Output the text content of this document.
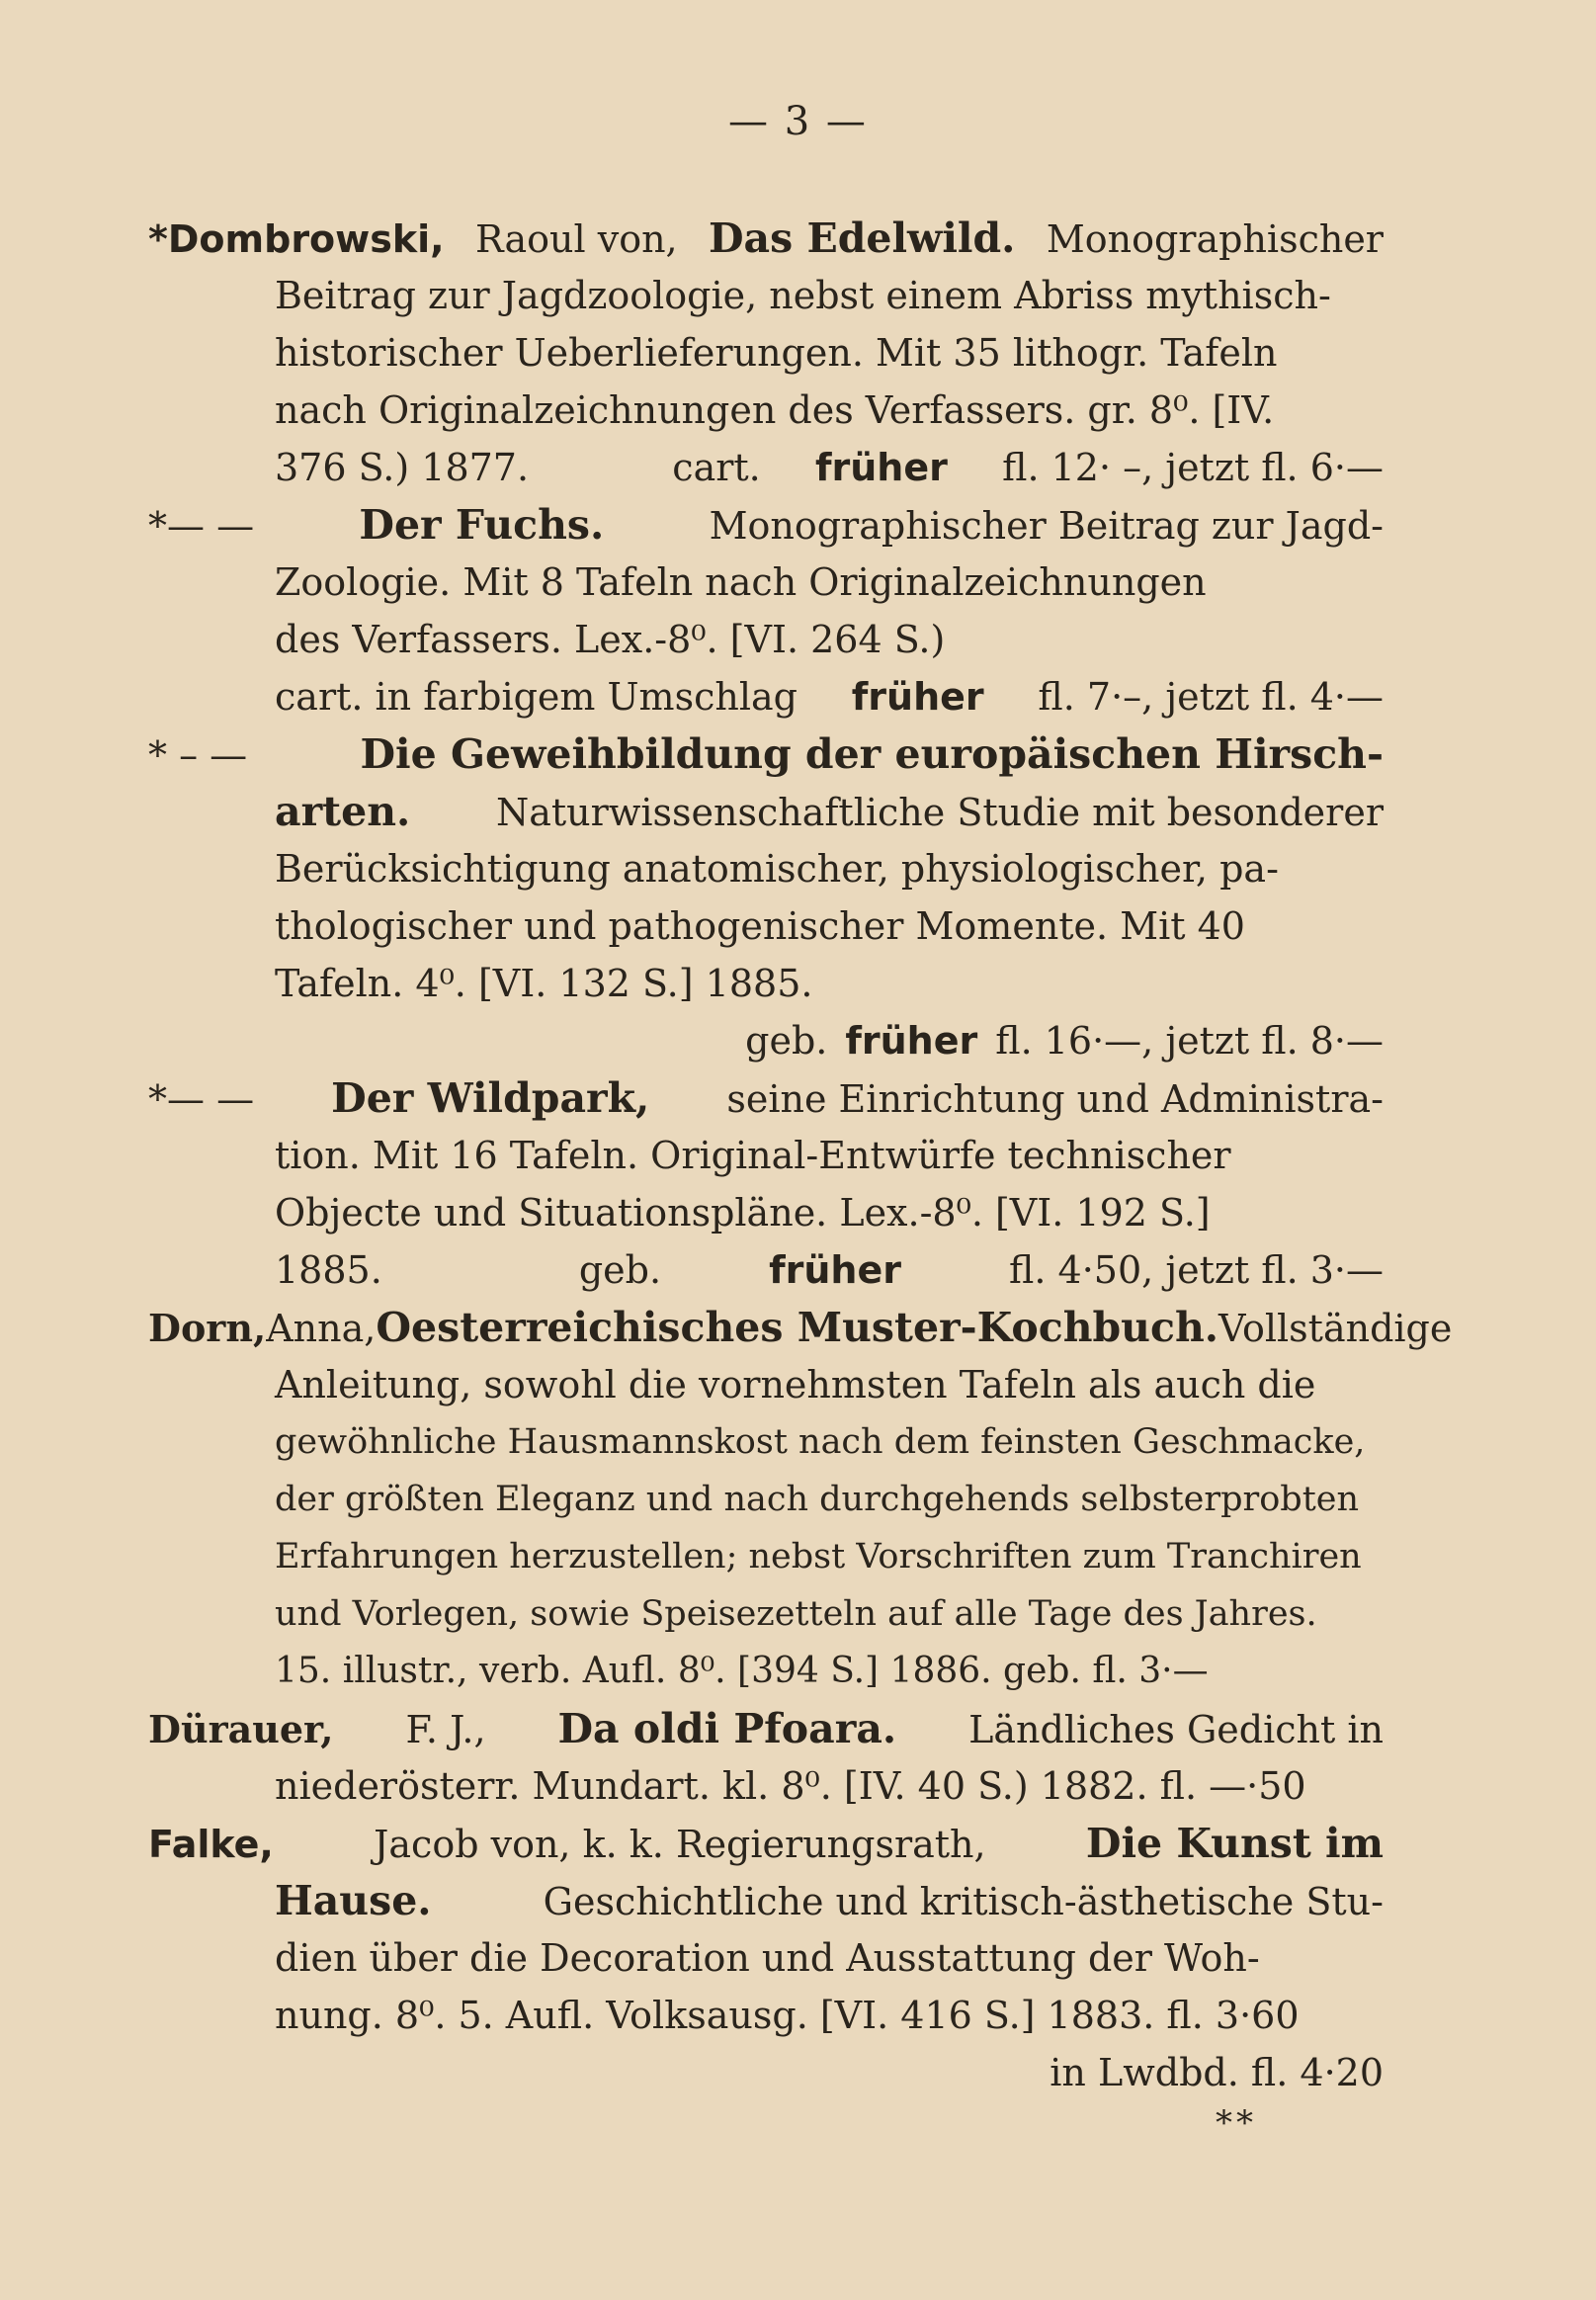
— 3 —
*Dombrowski, Raoul von, Das Edelwild. Monographischer
Beitrag zur Jagdzoologie, nebst einem Abriss mythisch-
historischer Ueberlieferungen. Mit 35 lithogr. Tafeln
nach Originalzeichnungen des Verfassers. gr. 8⁰. [IV.
376 S.) 1877.	cart. früher fl. 12· –, jetzt fl. 6·—
*— —	Der Fuchs.	Monographischer Beitrag zur Jagd-
Zoologie. Mit 8 Tafeln nach Originalzeichnungen
des Verfassers. Lex.-8⁰. [VI. 264 S.)
cart. in farbigem Umschlag früher fl. 7·–, jetzt fl. 4·—
* – —	Die Geweihbildung der europäischen Hirsch-
arten. Naturwissenschaftliche Studie mit besonderer
Berücksichtigung anatomischer, physiologischer, pa-
thologischer und pathogenischer Momente. Mit 40
Tafeln. 4⁰. [VI. 132 S.] 1885.
geb. früher fl. 16·—, jetzt fl. 8·—
*— — Der Wildpark, seine Einrichtung und Administra-
tion. Mit 16 Tafeln. Original-Entwürfe technischer
Objecte und Situationspläne. Lex.-8⁰. [VI. 192 S.]
1885.	geb.	früher	fl. 4·50, jetzt fl. 3·—
Dorn, Anna, Oesterreichisches Muster-Kochbuch. Vollständige
Anleitung, sowohl die vornehmsten Tafeln als auch die
gewöhnliche Hausmannskost nach dem feinsten Geschmacke,
der größten Eleganz und nach durchgehends selbsterprobten
Erfahrungen herzustellen; nebst Vorschriften zum Tranchiren
und Vorlegen, sowie Speisezetteln auf alle Tage des Jahres.
15. illustr., verb. Aufl. 8⁰. [394 S.] 1886. geb. fl. 3·—
Dürauer, F. J., Da oldi Pfoara. Ländliches Gedicht in
niederösterr. Mundart. kl. 8⁰. [IV. 40 S.) 1882. fl. —·50
Falke,	Jacob von, k. k. Regierungsrath, Die Kunst im
Hause.	Geschichtliche und kritisch-ästhetische Stu-
dien über die Decoration und Ausstattung der Woh-
nung. 8⁰. 5. Aufl. Volksausg. [VI. 416 S.] 1883. fl. 3·60
in Lwdbd. fl. 4·20
**
